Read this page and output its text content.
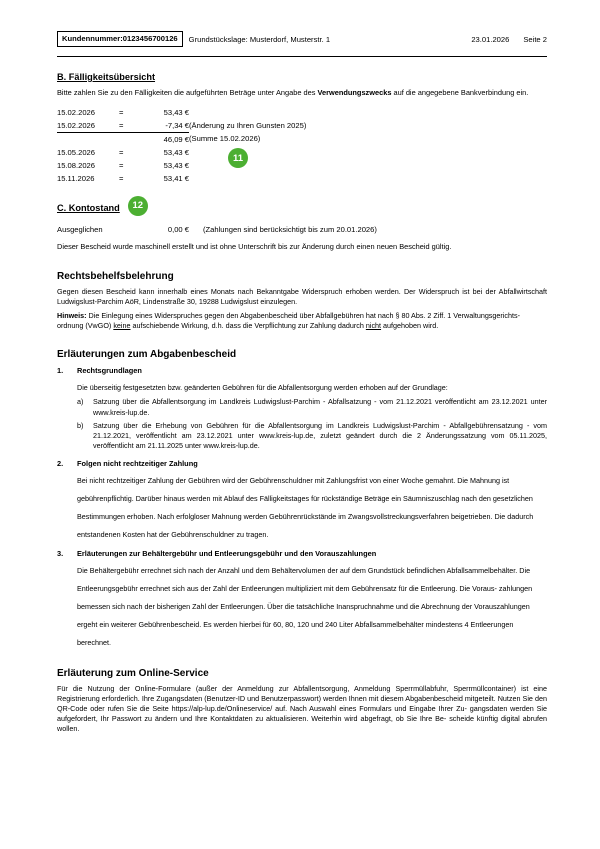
Kundennummer:0123456700126	Grundstückslage: Musterdorf, Musterstr. 1	23.01.2026 Seite 2
B. Fälligkeitsübersicht

Bitte zahlen Sie zu den Fälligkeiten die aufgeführten Beträge unter Angabe des Verwendungszwecks auf die angegebene Bankverbindung ein.

15.02.2026	=	53,43 €	
15.02.2026	=	-7,34 €	(Änderung zu Ihren Gunsten 2025)
		46,09 €	(Summe 15.02.2026)
15.05.2026	=	53,43 €	
15.08.2026	=	53,43 €	
15.11.2026	=	53,41 €	
C. Kontostand 12
Ausgeglichen	0,00 €	(Zahlungen sind berücksichtigt bis zum 20.01.2026)

Dieser Bescheid wurde maschinell erstellt und ist ohne Unterschrift bis zur Änderung durch einen neuen Bescheid gültig.

Rechtsbehelfsbelehrung

Gegen diesen Bescheid kann innerhalb eines Monats nach Bekanntgabe Widerspruch erhoben werden. Der Widerspruch ist bei der Abfallwirtschaft Ludwigslust-Parchim AöR, Lindenstraße 30, 19288 Ludwigslust einzulegen.

Hinweis: Die Einlegung eines Widerspruches gegen den Abgabenbescheid über Abfallgebühren hat nach § 80 Abs. 2 Ziff. 1 Verwaltungsgerichts-
ordnung (VwGO) keine aufschiebende Wirkung, d.h. dass die Verpflichtung zur Zahlung dadurch nicht aufgehoben wird.

Erläuterungen zum Abgabenbescheid
1. Rechtsgrundlagen
Die überseitig festgesetzten bzw. geänderten Gebühren für die Abfallentsorgung werden erhoben auf der Grundlage:
a) Satzung über die Abfallentsorgung im Landkreis Ludwigslust-Parchim - Abfallsatzung - vom 21.12.2021 veröffentlicht am 23.12.2021 unter www.kreis-lup.de.
b) Satzung über die Erhebung von Gebühren für die Abfallentsorgung im Landkreis Ludwigslust-Parchim - Abfallgebührensatzung - vom 21.12.2021, veröffentlicht am 23.12.2021 unter www.kreis-lup.de, zuletzt geändert durch die 2 Änderungssatzung vom 05.11.2025, veröffentlicht am 21.11.2025 unter www.kreis-lup.de.
2. Folgen nicht rechtzeitiger Zahlung
Bei nicht rechtzeitiger Zahlung der Gebühren wird der Gebührenschuldner mit Zahlungsfrist von einer Woche gemahnt. Die Mahnung ist gebührenpflichtig. Darüber hinaus werden mit Ablauf des Fälligkeitstages für rückständige Beträge ein Säumniszuschlag nach den gesetzlichen Bestimmungen erhoben. Nach erfolgloser Mahnung werden Gebührenrückstände im Zwangsvollstreckungsverfahren beigetrieben. Die dadurch entstandenen Kosten hat der Gebührenschuldner zu tragen.
3. Erläuterungen zur Behältergebühr und Entleerungsgebühr und den Vorauszahlungen
Die Behältergebühr errechnet sich nach der Anzahl und dem Behältervolumen der auf dem Grundstück befindlichen Abfallsammelbehälter. Die Entleerungsgebühr errechnet sich aus der Zahl der Entleerungen multipliziert mit dem Gebührensatz für die Entleerung. Die Voraus- zahlungen bemessen sich nach der bisherigen Zahl der Entleerungen. Über die tatsächliche Inanspruchnahme und die Abrechnung der Vorauszahlungen ergeht ein weiterer Gebührenbescheid. Es werden hierbei für 60, 80, 120 und 240 Liter Abfallsammelbehälter mindestens 4 Entleerungen berechnet.
Erläuterung zum Online-Service

Für die Nutzung der Online-Formulare (außer der Anmeldung zur Abfallentsorgung, Anmeldung Sperrmüllabfuhr, Sperrmüllcontainer) ist eine Registrierung erforderlich. Ihre Zugangsdaten (Benutzer-ID und Benutzerpasswort) werden Ihnen mit diesem Abgabenbescheid mitgeteilt. Nutzen Sie den QR-Code oder rufen Sie die Seite https://alp-lup.de/Onlineservice/ auf. Nach Auswahl eines Formulars und Eingabe Ihrer Zu- gangsdaten werden Sie aufgefordert, Ihr Passwort zu ändern und Ihre Kontaktdaten zu aktualisieren. Weiterhin wird abgefragt, ob Sie Ihre Be- scheide künftig digital abrufen wollen.

11
